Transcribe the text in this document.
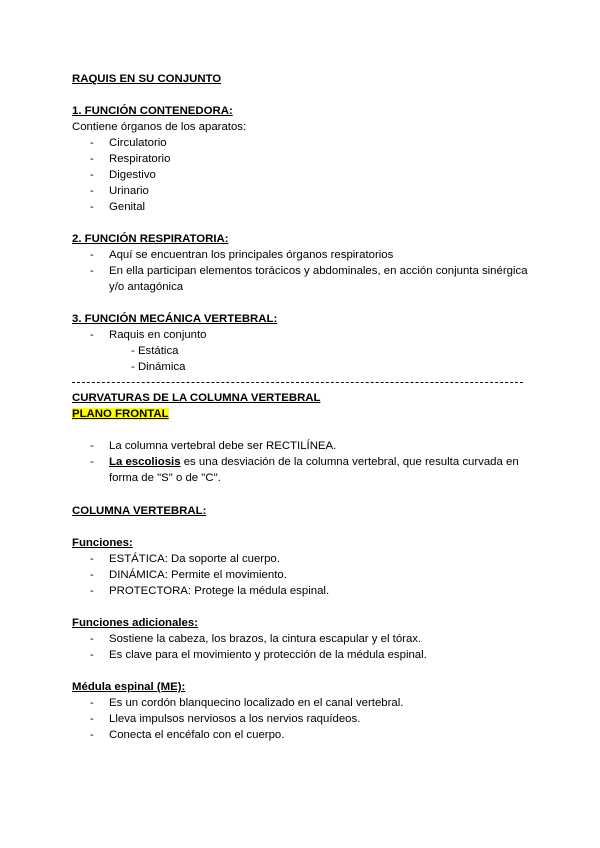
RAQUIS EN SU CONJUNTO
1. FUNCIÓN CONTENEDORA:
Contiene órganos de los aparatos:
- Circulatorio
- Respiratorio
- Digestivo
- Urinario
- Genital
2. FUNCIÓN RESPIRATORIA:
- Aquí se encuentran los principales órganos respiratorios
- En ella participan elementos torácicos y abdominales, en acción conjunta sinérgica y/o antagónica
3. FUNCIÓN MECÁNICA VERTEBRAL:
- Raquis en conjunto
- Estática
- Dinámica
CURVATURAS DE LA COLUMNA VERTEBRAL
PLANO FRONTAL
- La columna vertebral debe ser RECTILÍNEA.
- La escoliosis es una desviación de la columna vertebral, que resulta curvada en forma de "S" o de "C".
COLUMNA VERTEBRAL:
Funciones:
- ESTÁTICA: Da soporte al cuerpo.
- DINÁMICA: Permite el movimiento.
- PROTECTORA: Protege la médula espinal.
Funciones adicionales:
- Sostiene la cabeza, los brazos, la cintura escapular y el tórax.
- Es clave para el movimiento y protección de la médula espinal.
Médula espinal (ME):
- Es un cordón blanquecino localizado en el canal vertebral.
- Lleva impulsos nerviosos a los nervios raquídeos.
- Conecta el encéfalo con el cuerpo.
